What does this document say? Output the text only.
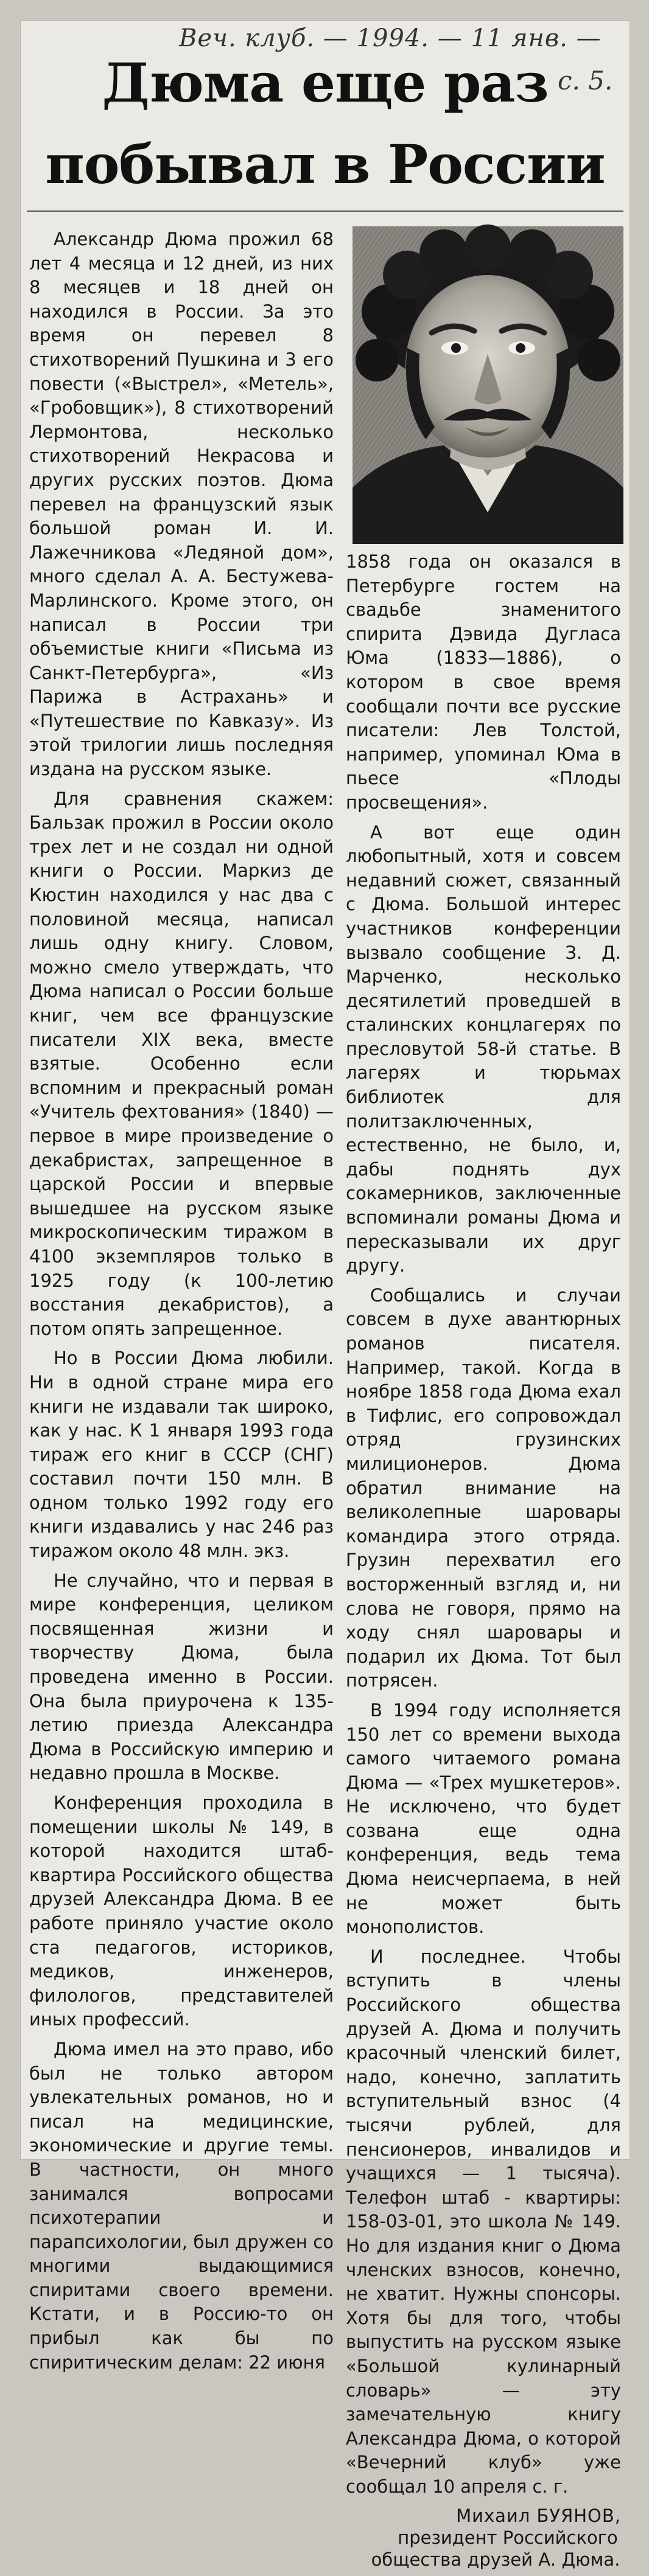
Веч. клуб. — 1994. — 11 янв. —
с. 5.
Дюма еще раз
побывал в России

Александр Дюма прожил 68 лет 4 месяца и 12 дней, из них 8 месяцев и 18 дней он находился в России. За это время он перевел 8 стихотворений Пушкина и 3 его повести («Выстрел», «Метель», «Гробовщик»), 8 стихотворений Лермонтова, несколько стихотворений Некрасова и других русских поэтов. Дюма перевел на французский язык большой роман И. И. Лажечникова «Ледяной дом», много сделал А. А. Бестужева-Марлинского. Кроме этого, он написал в России три объемистые книги «Письма из Санкт-Петербурга», «Из Парижа в Астрахань» и «Путешествие по Кавказу». Из этой трилогии лишь последняя издана на русском языке.

Для сравнения скажем: Бальзак прожил в России около трех лет и не создал ни одной книги о России. Маркиз де Кюстин находился у нас два с половиной месяца, написал лишь одну книгу. Словом, можно смело утверждать, что Дюма написал о России больше книг, чем все французские писатели XIX века, вместе взятые. Особенно если вспомним и прекрасный роман «Учитель фехтования» (1840) — первое в мире произведение о декабристах, запрещенное в царской России и впервые вышедшее на русском языке микроскопическим тиражом в 4100 экземпляров только в 1925 году (к 100-летию восстания декабристов), а потом опять запрещенное.

Но в России Дюма любили. Ни в одной стране мира его книги не издавали так широко, как у нас. К 1 января 1993 года тираж его книг в СССР (СНГ) составил почти 150 млн. В одном только 1992 году его книги издавались у нас 246 раз тиражом около 48 млн. экз.

Не случайно, что и первая в мире конференция, целиком посвященная жизни и творчеству Дюма, была проведена именно в России. Она была приурочена к 135-летию приезда Александра Дюма в Российскую империю и недавно прошла в Москве.

Конференция проходила в помещении школы № 149, в которой находится штаб-квартира Российского общества друзей Александра Дюма. В ее работе приняло участие около ста педагогов, историков, медиков, инженеров, филологов, представителей иных профессий.

Дюма имел на это право, ибо был не только автором увлекательных романов, но и писал на медицинские, экономические и другие темы. В частности, он много занимался вопросами психотерапии и парапсихологии, был дружен со многими выдающимися спиритами своего времени. Кстати, и в Россию-то он прибыл как бы по спиритическим делам: 22 июня

1858 года он оказался в Петербурге гостем на свадьбе знаменитого спирита Дэвида Дугласа Юма (1833—1886), о котором в свое время сообщали почти все русские писатели: Лев Толстой, например, упоминал Юма в пьесе «Плоды просвещения».

А вот еще один любопытный, хотя и совсем недавний сюжет, связанный с Дюма. Большой интерес участников конференции вызвало сообщение З. Д. Марченко, несколько десятилетий проведшей в сталинских концлагерях по пресловутой 58-й статье. В лагерях и тюрьмах библиотек для политзаключенных, естественно, не было, и, дабы поднять дух сокамерников, заключенные вспоминали романы Дюма и пересказывали их друг другу.

Сообщались и случаи совсем в духе авантюрных романов писателя. Например, такой. Когда в ноябре 1858 года Дюма ехал в Тифлис, его сопровождал отряд грузинских милиционеров. Дюма обратил внимание на великолепные шаровары командира этого отряда. Грузин перехватил его восторженный взгляд и, ни слова не говоря, прямо на ходу снял шаровары и подарил их Дюма. Тот был потрясен.

В 1994 году исполняется 150 лет со времени выхода самого читаемого романа Дюма — «Трех мушкетеров». Не исключено, что будет созвана еще одна конференция, ведь тема Дюма неисчерпаема, в ней не может быть монополистов.

И последнее. Чтобы вступить в члены Российского общества друзей А. Дюма и получить красочный членский билет, надо, конечно, заплатить вступительный взнос (4 тысячи рублей, для пенсионеров, инвалидов и учащихся — 1 тысяча). Телефон штаб - квартиры: 158-03-01, это школа № 149. Но для издания книг о Дюма членских взносов, конечно, не хватит. Нужны спонсоры. Хотя бы для того, чтобы выпустить на русском языке «Большой кулинарный словарь» — эту замечательную книгу Александра Дюма, о которой «Вечерний клуб» уже сообщал 10 апреля с. г.

Михаил БУЯНОВ,
президент Российского общества друзей А. Дюма.
